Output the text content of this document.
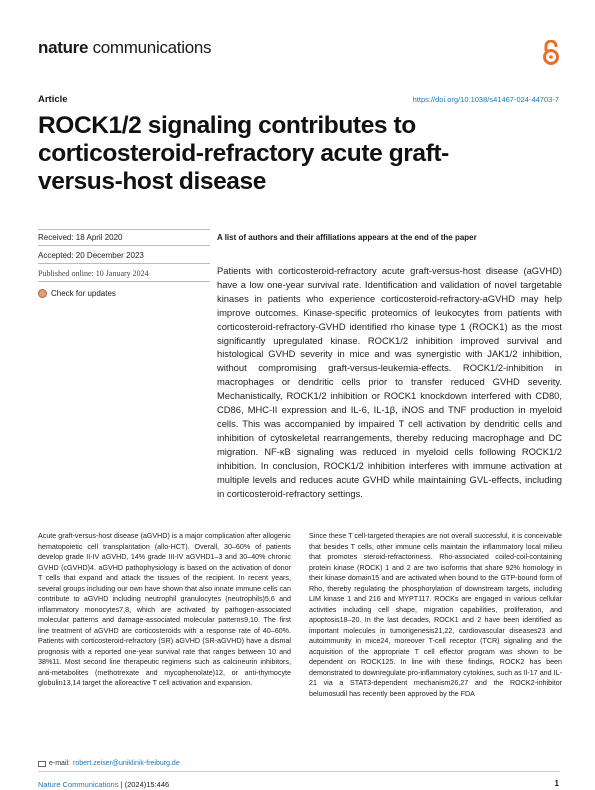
nature communications
Article	https://doi.org/10.1038/s41467-024-44703-7
ROCK1/2 signaling contributes to corticosteroid-refractory acute graft-versus-host disease
Received: 18 April 2020
Accepted: 20 December 2023
Published online: 10 January 2024
Check for updates
A list of authors and their affiliations appears at the end of the paper

Patients with corticosteroid-refractory acute graft-versus-host disease (aGVHD) have a low one-year survival rate. Identification and validation of novel targetable kinases in patients who experience corticosteroid-refractory-aGVHD may help improve outcomes. Kinase-specific proteomics of leukocytes from patients with corticosteroid-refractory-GVHD identified rho kinase type 1 (ROCK1) as the most significantly upregulated kinase. ROCK1/2 inhibition improved survival and histological GVHD severity in mice and was synergistic with JAK1/2 inhibition, without compromising graft-versus-leukemia-effects. ROCK1/2-inhibition in macrophages or dendritic cells prior to transfer reduced GVHD severity. Mechanistically, ROCK1/2 inhibition or ROCK1 knockdown interfered with CD80, CD86, MHC-II expression and IL-6, IL-1β, iNOS and TNF production in myeloid cells. This was accompanied by impaired T cell activation by dendritic cells and inhibition of cytoskeletal rearrangements, thereby reducing macrophage and DC migration. NF-κB signaling was reduced in myeloid cells following ROCK1/2 inhibition. In conclusion, ROCK1/2 inhibition interferes with immune activation at multiple levels and reduces acute GVHD while maintaining GVL-effects, including in corticosteroid-refractory settings.

Acute graft-versus-host disease (aGVHD) is a major complication after allogenic hematopoietic cell transplantation (allo-HCT). Overall, 30–60% of patients develop grade II-IV aGVHD, 14% grade III-IV aGVHD1–3 and 30–40% chronic GVHD (cGVHD)4. aGVHD pathophysiology is based on the activation of donor T cells that expand and attack the tissues of the recipient. In recent years, several groups including our own have shown that also innate immune cells can contribute to aGVHD including neutrophil granulocytes (neutrophils)5,6 and inflammatory monocytes7,8, which are activated by pathogen-associated molecular patterns and damage-associated molecular patterns9,10. The first line treatment of aGVHD are corticosteroids with a response rate of 40–60%. Patients with corticosteroid-refractory (SR) aGVHD (SR-aGVHD) have a dismal prognosis with a reported one-year survival rate that ranges between 10 and 38%11. Most second line therapeutic regimens such as calcineurin inhibitors, anti-metabolites (methotrexate and mycophenolate)12, or anti-thymocyte globulin13,14 target the alloreactive T cell activation and expansion.

Since these T cell-targeted therapies are not overall successful, it is conceivable that besides T cells, other immune cells maintain the inflammatory local milieu that promotes steroid-refractoriness. Rho-associated coiled-coil-containing protein kinase (ROCK) 1 and 2 are two isoforms that share 92% homology in their kinase domain15 and are activated when bound to the GTP-bound form of Rho, thereby regulating the phosphorylation of downstream targets, including LIM kinase 1 and 216 and MYPT117. ROCKs are engaged in various cellular activities including cell shape, migration capabilities, proliferation, and apoptosis18–20. In the last decades, ROCK1 and 2 have been identified as important molecules in tumorigenesis21,22, cardiovascular diseases23 and autoimmunity in mice24, moreover T-cell receptor (TCR) signaling and the acquisition of the appropriate T cell effector program was shown to be dependent on ROCK125. In line with these findings, ROCK2 has been demonstrated to downregulate pro-inflammatory cytokines, such as Il-17 and IL-21 via a STAT3-dependent mechanism26,27 and the ROCK2-inhibitor belumosudil has recently been approved by the FDA

e-mail: robert.zeiser@uniklinik-freiburg.de
Nature Communications | (2024)15:446	1
